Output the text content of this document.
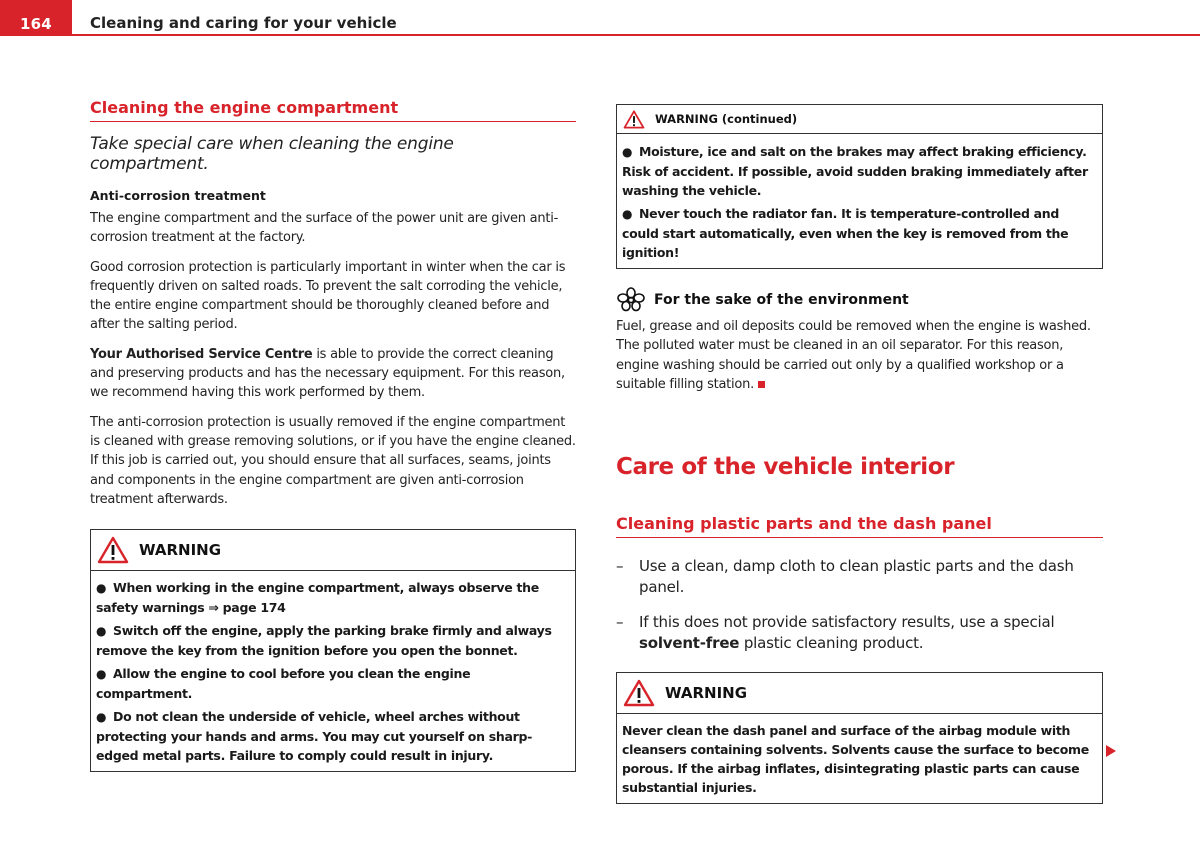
164	Cleaning and caring for your vehicle
Cleaning the engine compartment
Take special care when cleaning the engine compartment.
Anti-corrosion treatment

The engine compartment and the surface of the power unit are given anti-corrosion treatment at the factory.

Good corrosion protection is particularly important in winter when the car is frequently driven on salted roads. To prevent the salt corroding the vehicle, the entire engine compartment should be thoroughly cleaned before and after the salting period.

Your Authorised Service Centre is able to provide the correct cleaning and preserving products and has the necessary equipment. For this reason, we recommend having this work performed by them.

The anti-corrosion protection is usually removed if the engine compartment is cleaned with grease removing solutions, or if you have the engine cleaned. If this job is carried out, you should ensure that all surfaces, seams, joints and components in the engine compartment are given anti-corrosion treatment afterwards.

WARNING
● When working in the engine compartment, always observe the safety warnings ⇒ page 174
● Switch off the engine, apply the parking brake firmly and always remove the key from the ignition before you open the bonnet.
● Allow the engine to cool before you clean the engine compartment.
● Do not clean the underside of vehicle, wheel arches without protecting your hands and arms. You may cut yourself on sharp-edged metal parts. Failure to comply could result in injury.
WARNING (continued)
● Moisture, ice and salt on the brakes may affect braking efficiency. Risk of accident. If possible, avoid sudden braking immediately after washing the vehicle.
● Never touch the radiator fan. It is temperature-controlled and could start automatically, even when the key is removed from the ignition!
For the sake of the environment

Fuel, grease and oil deposits could be removed when the engine is washed. The polluted water must be cleaned in an oil separator. For this reason, engine washing should be carried out only by a qualified workshop or a suitable filling station.

Care of the vehicle interior
Cleaning plastic parts and the dash panel
–	Use a clean, damp cloth to clean plastic parts and the dash panel.
–	If this does not provide satisfactory results, use a special solvent-free plastic cleaning product.
WARNING
Never clean the dash panel and surface of the airbag module with cleansers containing solvents. Solvents cause the surface to become porous. If the airbag inflates, disintegrating plastic parts can cause substantial injuries.
